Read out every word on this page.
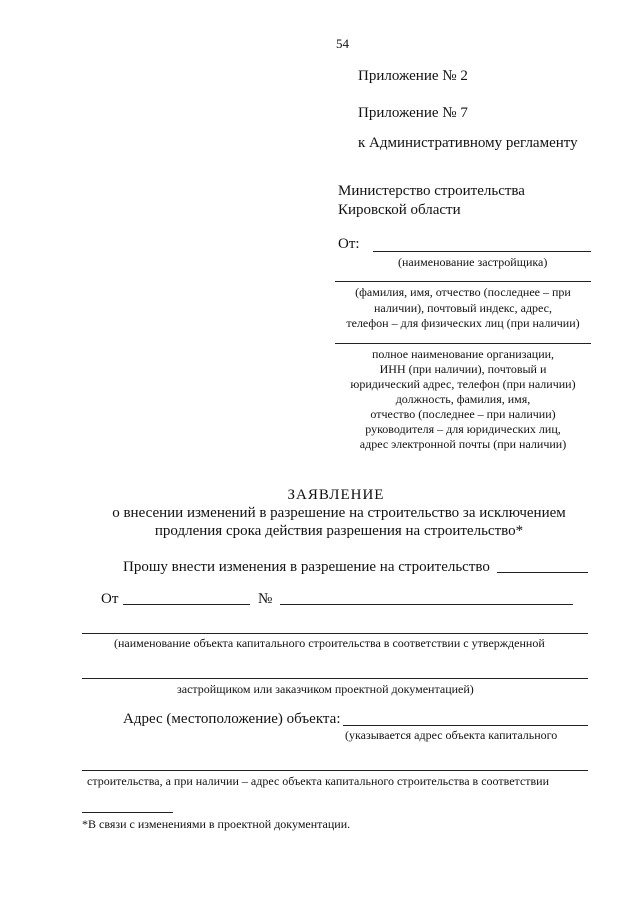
54
Приложение № 2
Приложение № 7
к Административному регламенту
Министерство строительства
Кировской области
От:
(наименование застройщика)
(фамилия, имя, отчество (последнее – при
наличии), почтовый индекс, адрес,
телефон – для физических лиц (при наличии)
полное наименование организации,
ИНН (при наличии), почтовый и
юридический адрес, телефон (при наличии)
должность, фамилия, имя,
отчество (последнее – при наличии)
руководителя – для юридических лиц,
адрес электронной почты (при наличии)
ЗАЯВЛЕНИЕ
о внесении изменений в разрешение на строительство за исключением
продления срока действия разрешения на строительство*
Прошу внести изменения в разрешение на строительство
От	№
(наименование объекта капитального строительства в соответствии с утвержденной
застройщиком или заказчиком проектной документацией)
Адрес (местоположение) объекта:
(указывается адрес объекта капитального
строительства, а при наличии – адрес объекта капитального строительства в соответствии
*В связи с изменениями в проектной документации.
